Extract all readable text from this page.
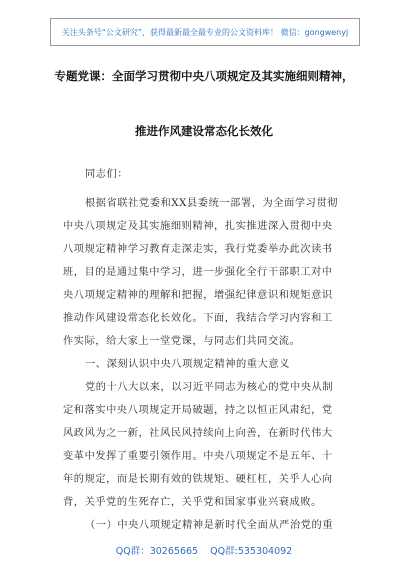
关注头条号“公文研究”，获得最新最全最专业的公文资料库！ 微信：gongwenyj
专题党课：全面学习贯彻中央八项规定及其实施细则精神，
推进作风建设常态化长效化
同志们：
根据省联社党委和XX县委统一部署，为全面学习贯彻
中央八项规定及其实施细则精神，扎实推进深入贯彻中央
八项规定精神学习教育走深走实，我行党委举办此次读书
班，目的是通过集中学习，进一步强化全行干部职工对中
央八项规定精神的理解和把握，增强纪律意识和规矩意识
推动作风建设常态化长效化。下面，我结合学习内容和工
作实际，给大家上一堂党课，与同志们共同交流。
一、深刻认识中央八项规定精神的重大意义
党的十八大以来，以习近平同志为核心的党中央从制
定和落实中央八项规定开局破题，持之以恒正风肃纪，党
风政风为之一新，社风民风持续向上向善，在新时代伟大
变革中发挥了重要引领作用。中央八项规定不是五年、十
年的规定，而是长期有效的铁规矩、硬杠杠，关乎人心向
背，关乎党的生死存亡，关乎党和国家事业兴衰成败。
（一）中央八项规定精神是新时代全面从严治党的重
QQ群：30265665 QQ群:535304092
